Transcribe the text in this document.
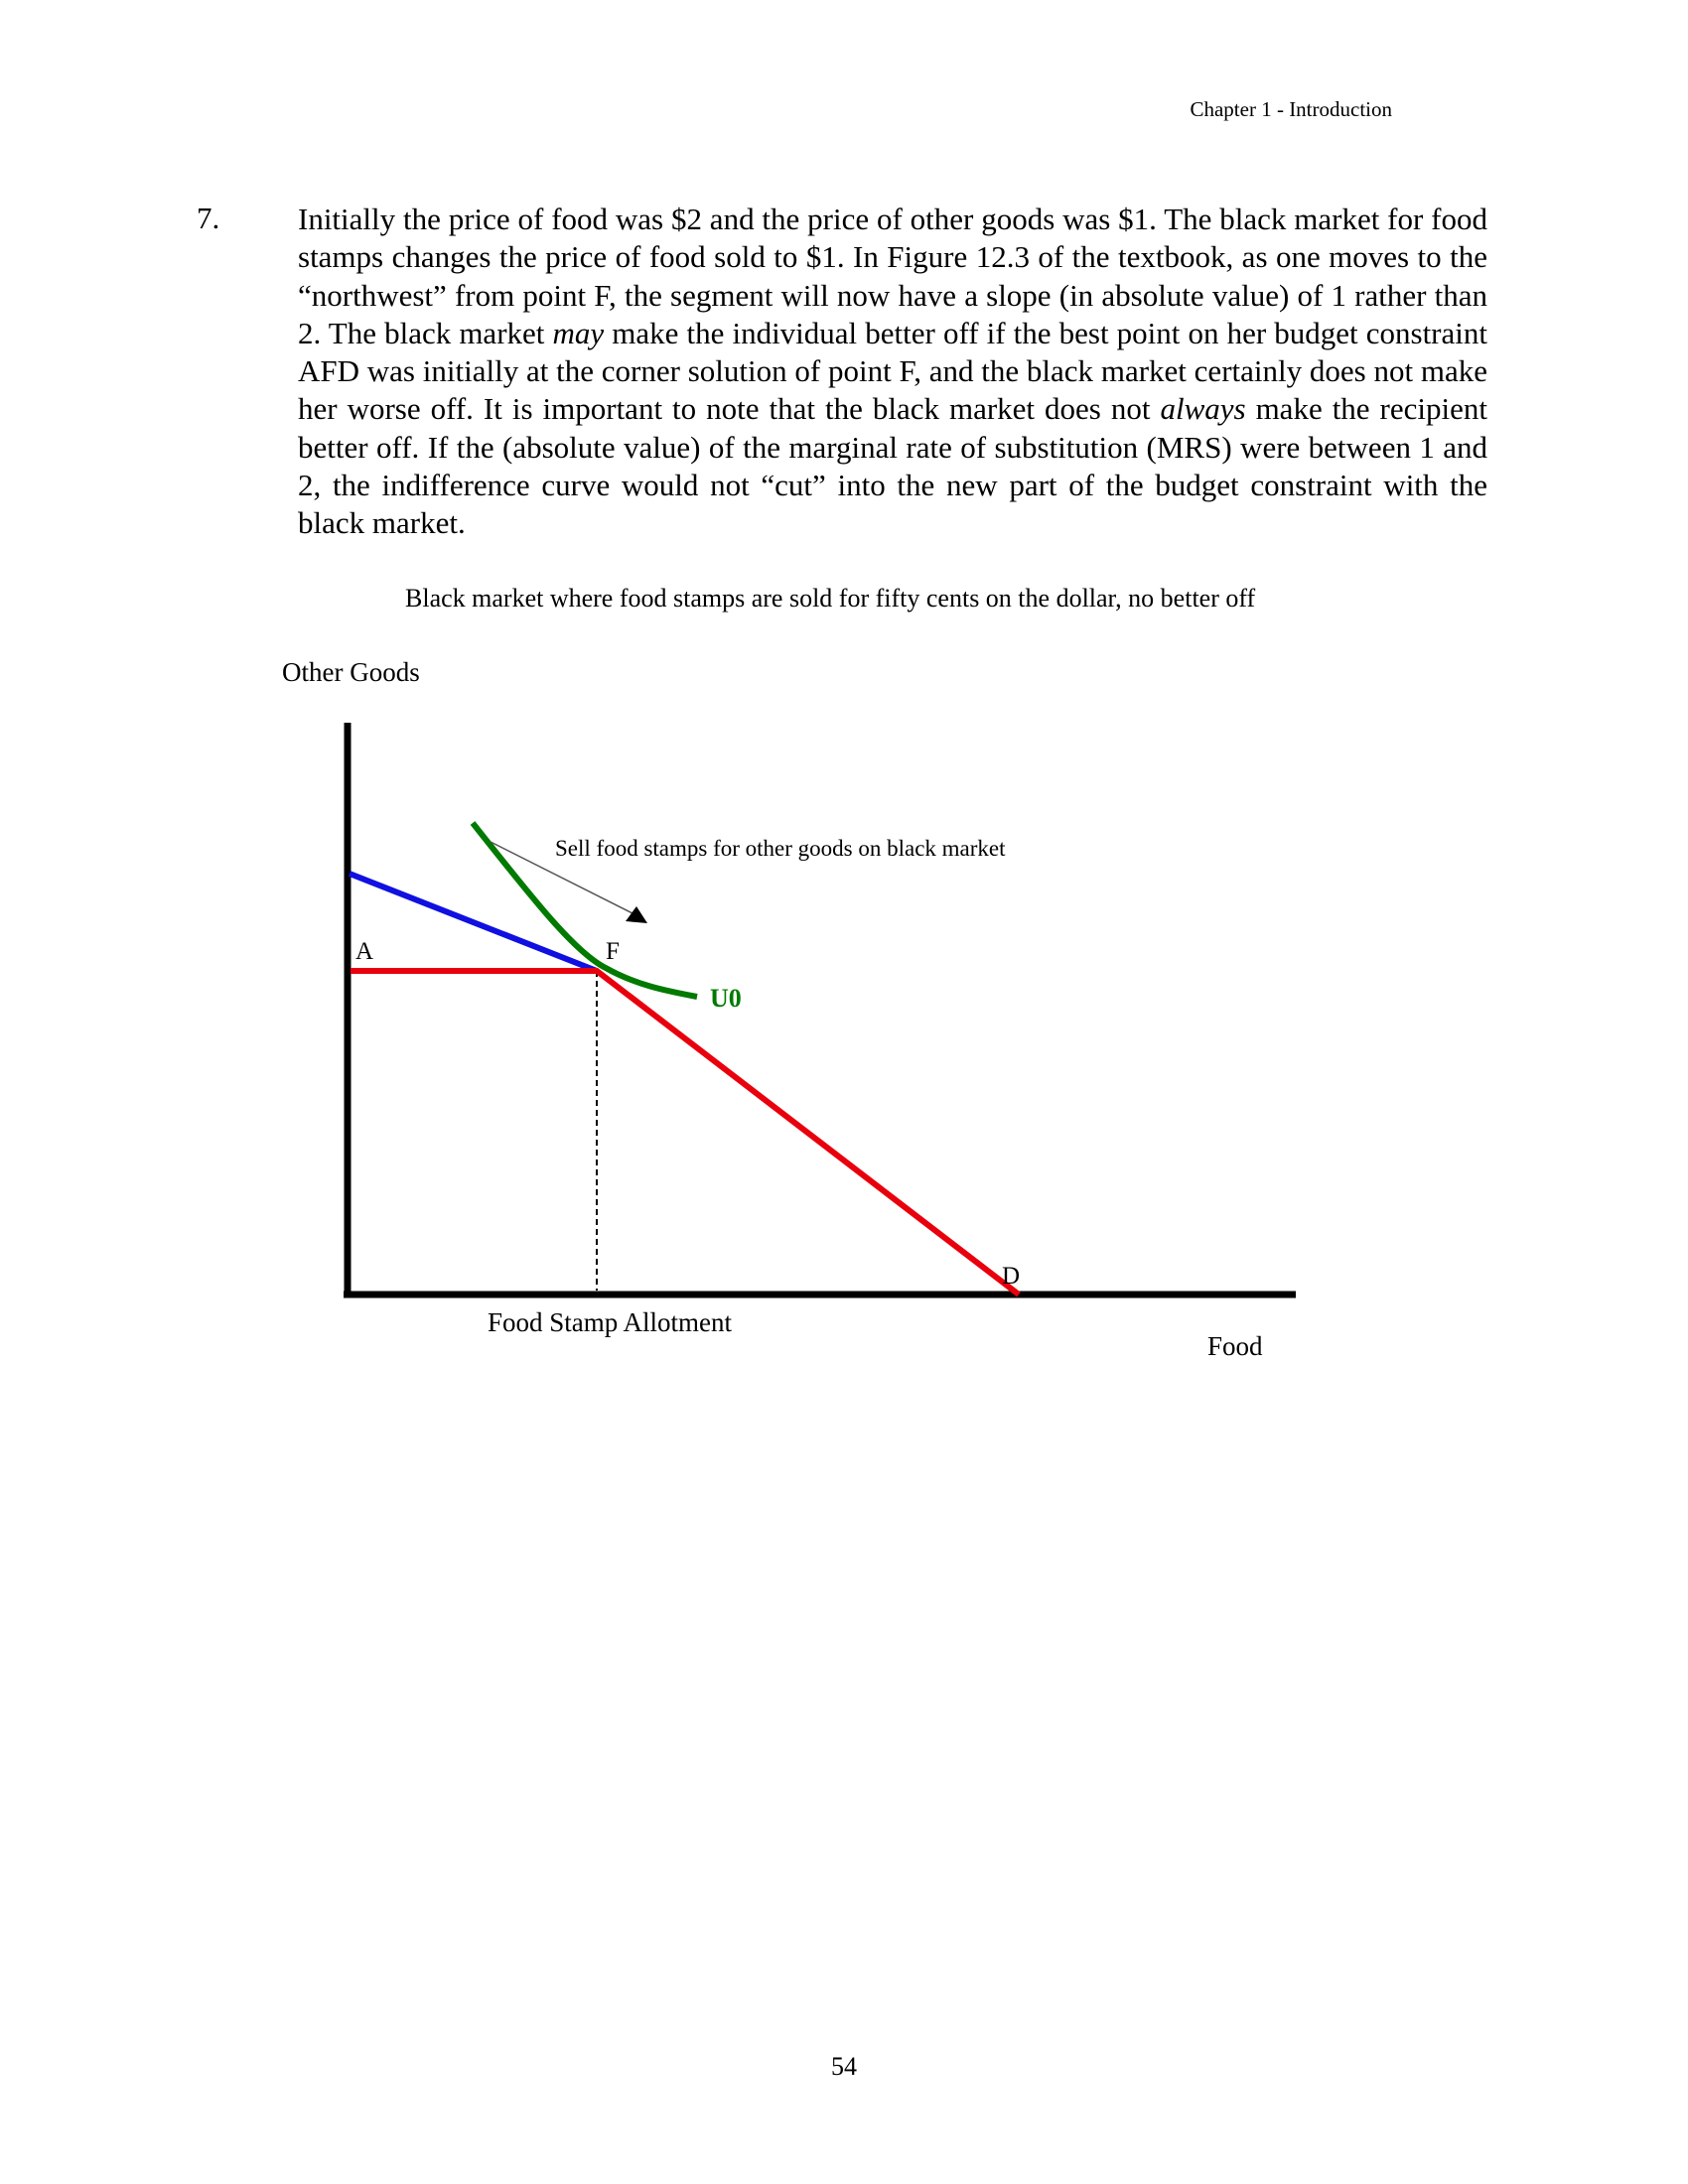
Chapter 1 - Introduction
7.	Initially the price of food was $2 and the price of other goods was $1. The black market for food stamps changes the price of food sold to $1. In Figure 12.3 of the textbook, as one moves to the “northwest” from point F, the segment will now have a slope (in absolute value) of 1 rather than 2. The black market may make the individual better off if the best point on her budget constraint AFD was initially at the corner solution of point F, and the black market certainly does not make her worse off. It is important to note that the black market does not always make the recipient better off. If the (absolute value) of the marginal rate of substitution (MRS) were between 1 and 2, the indifference curve would not “cut” into the new part of the budget constraint with the black market.
Black market where food stamps are sold for fifty cents on the dollar, no better off
Other Goods
Sell food stamps for other goods on black market
A	F
U0
D
Food Stamp Allotment
Food
54
